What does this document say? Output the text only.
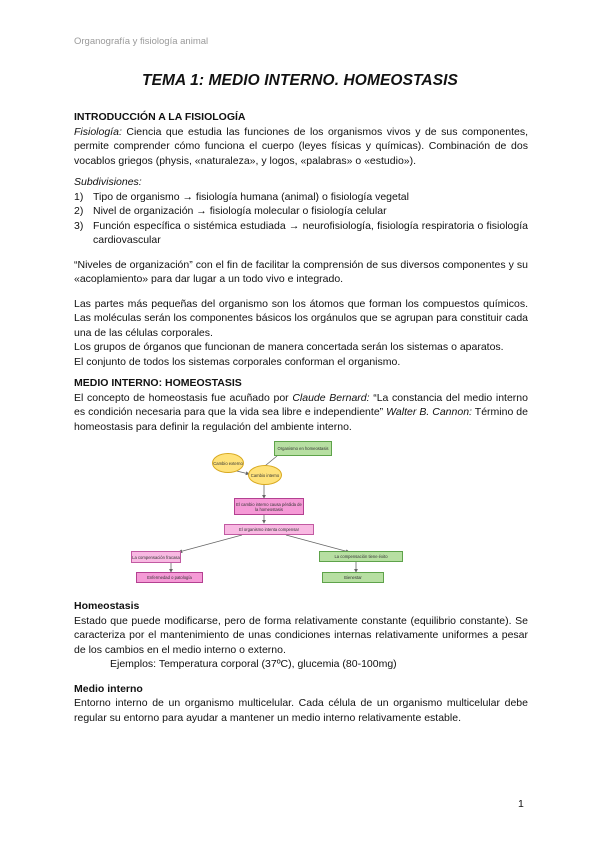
Organografía y fisiología animal
TEMA 1: MEDIO INTERNO. HOMEOSTASIS

INTRODUCCIÓN A LA FISIOLOGÍA

Fisiología: Ciencia que estudia las funciones de los organismos vivos y de sus componentes, permite comprender cómo funciona el cuerpo (leyes físicas y químicas). Combinación de dos vocablos griegos (physis, «naturaleza», y logos, «palabras» o «estudio»).

Subdivisiones:

1) Tipo de organismo → fisiología humana (animal) o fisiología vegetal
2) Nivel de organización → fisiología molecular o fisiología celular
3) Función específica o sistémica estudiada → neurofisiología, fisiología respiratoria o fisiología cardiovascular

“Niveles de organización” con el fin de facilitar la comprensión de sus diversos componentes y su «acoplamiento» para dar lugar a un todo vivo e integrado.

Las partes más pequeñas del organismo son los átomos que forman los compuestos químicos. Las moléculas serán los componentes básicos los orgánulos que se agrupan para constituir cada una de las células corporales.

Los grupos de órganos que funcionan de manera concertada serán los sistemas o aparatos.

El conjunto de todos los sistemas corporales conforman el organismo.

MEDIO INTERNO: HOMEOSTASIS

El concepto de homeostasis fue acuñado por Claude Bernard: “La constancia del medio interno es condición necesaria para que la vida sea libre e independiente” Walter B. Cannon: Término de homeostasis para definir la regulación del ambiente interno.

Organismo en homeostasis
Cambio externo
Cambio interno
El cambio interno causa pérdida de la homeostasis
El organismo intenta compensar
La compensación fracasa
Enfermedad o patología
La compensación tiene éxito
Bienestar

Homeostasis

Estado que puede modificarse, pero de forma relativamente constante (equilibrio constante). Se caracteriza por el mantenimiento de unas condiciones internas relativamente uniformes a pesar de los cambios en el medio interno o externo.

Ejemplos: Temperatura corporal (37ºC), glucemia (80-100mg)

Medio interno

Entorno interno de un organismo multicelular. Cada célula de un organismo multicelular debe regular su entorno para ayudar a mantener un medio interno relativamente estable.

1
